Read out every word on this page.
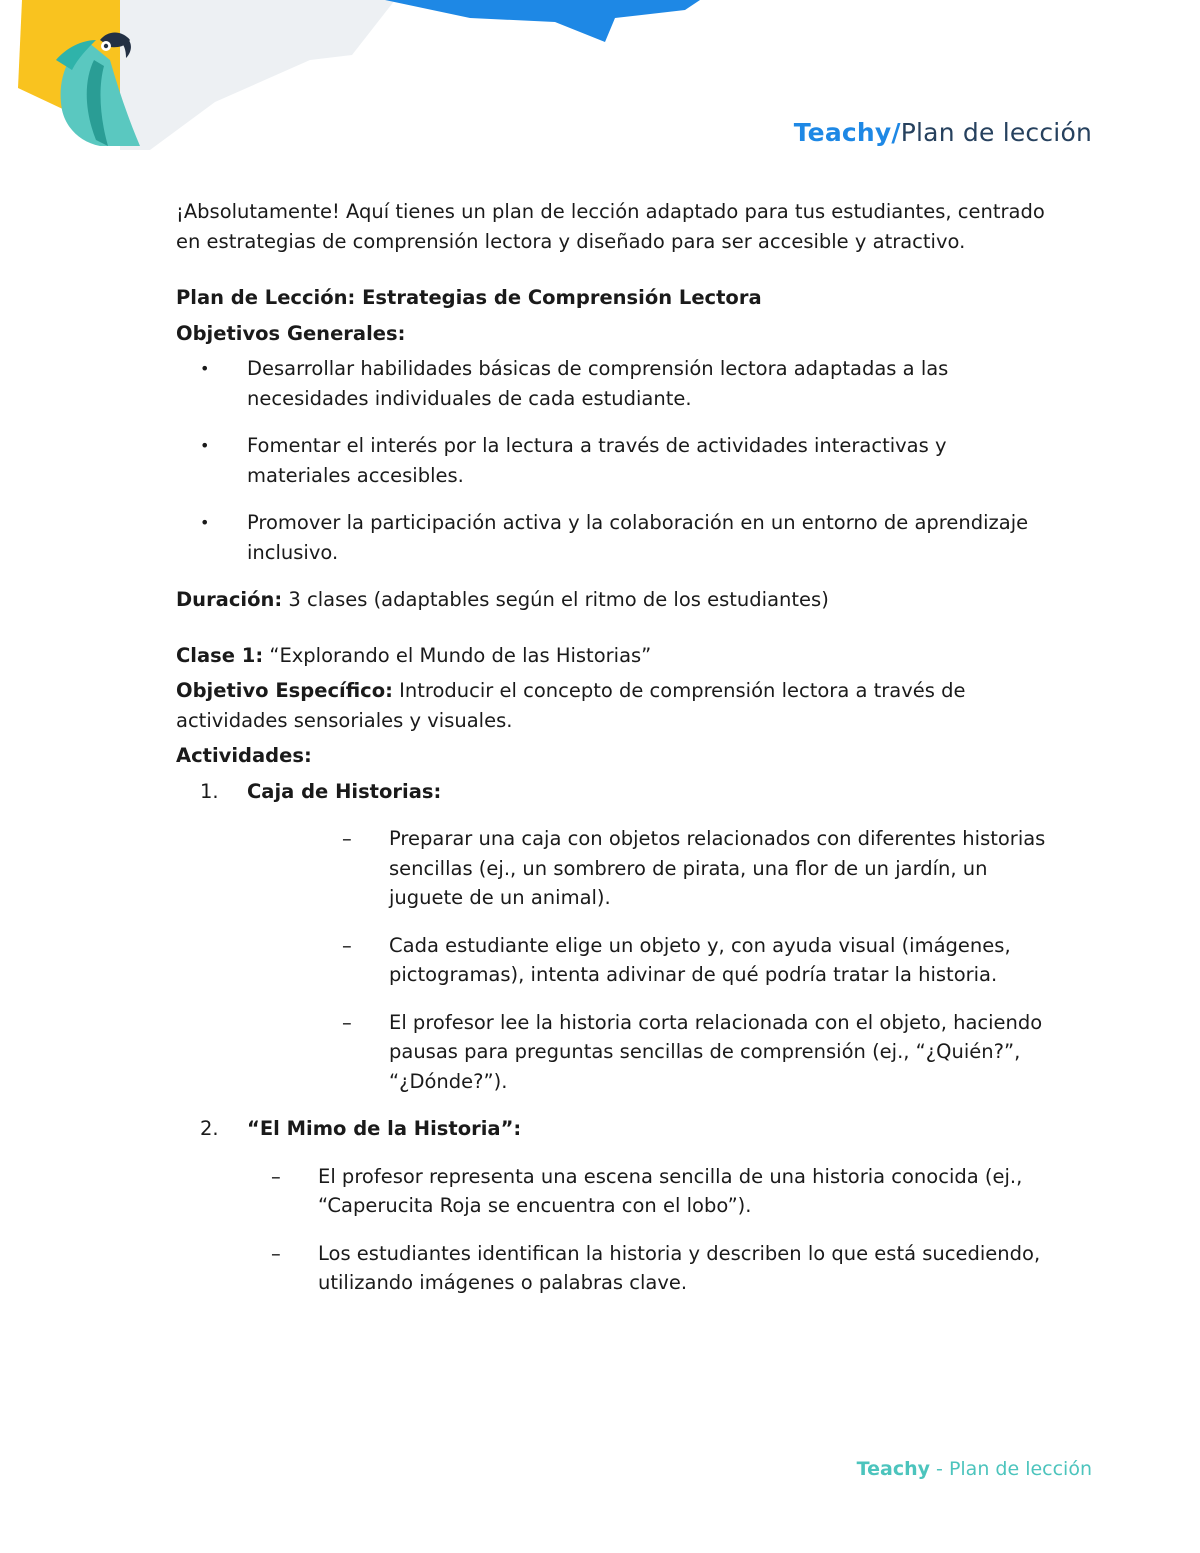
Teachy/Plan de lección

¡Absolutamente! Aquí tienes un plan de lección adaptado para tus estudiantes, centrado en estrategias de comprensión lectora y diseñado para ser accesible y atractivo.

Plan de Lección: Estrategias de Comprensión Lectora

Objetivos Generales:

• Desarrollar habilidades básicas de comprensión lectora adaptadas a las necesidades individuales de cada estudiante.
• Fomentar el interés por la lectura a través de actividades interactivas y materiales accesibles.
• Promover la participación activa y la colaboración en un entorno de aprendizaje inclusivo.

Duración: 3 clases (adaptables según el ritmo de los estudiantes)

Clase 1: “Explorando el Mundo de las Historias”

Objetivo Específico: Introducir el concepto de comprensión lectora a través de actividades sensoriales y visuales.

Actividades:

1. Caja de Historias:
– Preparar una caja con objetos relacionados con diferentes historias sencillas (ej., un sombrero de pirata, una flor de un jardín, un juguete de un animal).
– Cada estudiante elige un objeto y, con ayuda visual (imágenes, pictogramas), intenta adivinar de qué podría tratar la historia.
– El profesor lee la historia corta relacionada con el objeto, haciendo pausas para preguntas sencillas de comprensión (ej., “¿Quién?”, “¿Dónde?”).
2. “El Mimo de la Historia”:
– El profesor representa una escena sencilla de una historia conocida (ej., “Caperucita Roja se encuentra con el lobo”).
– Los estudiantes identifican la historia y describen lo que está sucediendo, utilizando imágenes o palabras clave.
Teachy - Plan de lección
